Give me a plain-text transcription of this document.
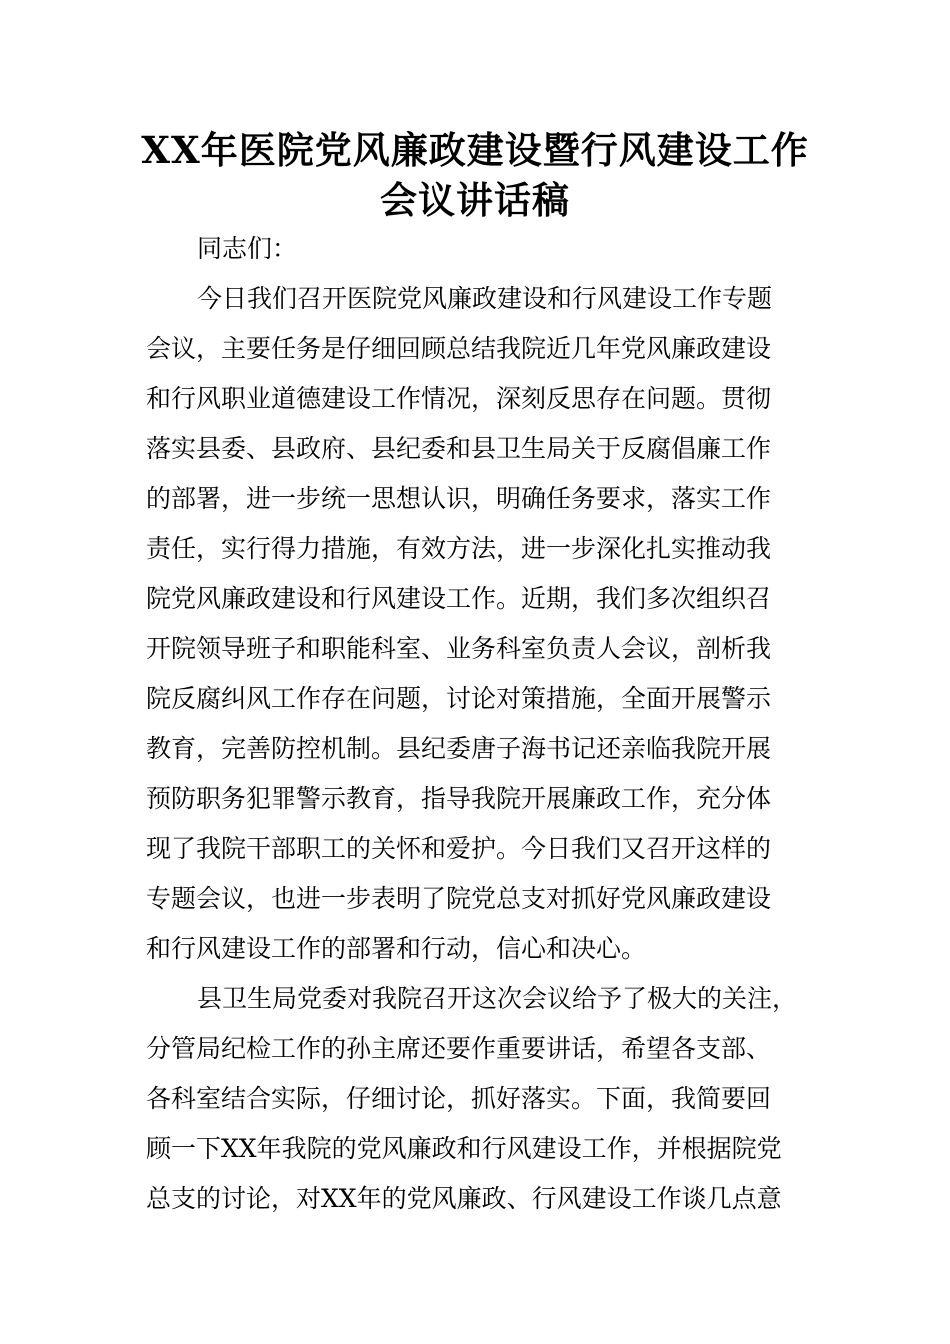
XX年医院党风廉政建设暨行风建设工作
会议讲话稿
同志们：
今日我们召开医院党风廉政建设和行风建设工作专题
会议，主要任务是仔细回顾总结我院近几年党风廉政建设
和行风职业道德建设工作情况，深刻反思存在问题。贯彻
落实县委、县政府、县纪委和县卫生局关于反腐倡廉工作
的部署，进一步统一思想认识，明确任务要求，落实工作
责任，实行得力措施，有效方法，进一步深化扎实推动我
院党风廉政建设和行风建设工作。近期，我们多次组织召
开院领导班子和职能科室、业务科室负责人会议，剖析我
院反腐纠风工作存在问题，讨论对策措施，全面开展警示
教育，完善防控机制。县纪委唐子海书记还亲临我院开展
预防职务犯罪警示教育，指导我院开展廉政工作，充分体
现了我院干部职工的关怀和爱护。今日我们又召开这样的
专题会议，也进一步表明了院党总支对抓好党风廉政建设
和行风建设工作的部署和行动，信心和决心。
县卫生局党委对我院召开这次会议给予了极大的关注，
分管局纪检工作的孙主席还要作重要讲话，希望各支部、
各科室结合实际，仔细讨论，抓好落实。下面，我简要回
顾一下XX年我院的党风廉政和行风建设工作，并根据院党
总支的讨论，对XX年的党风廉政、行风建设工作谈几点意
